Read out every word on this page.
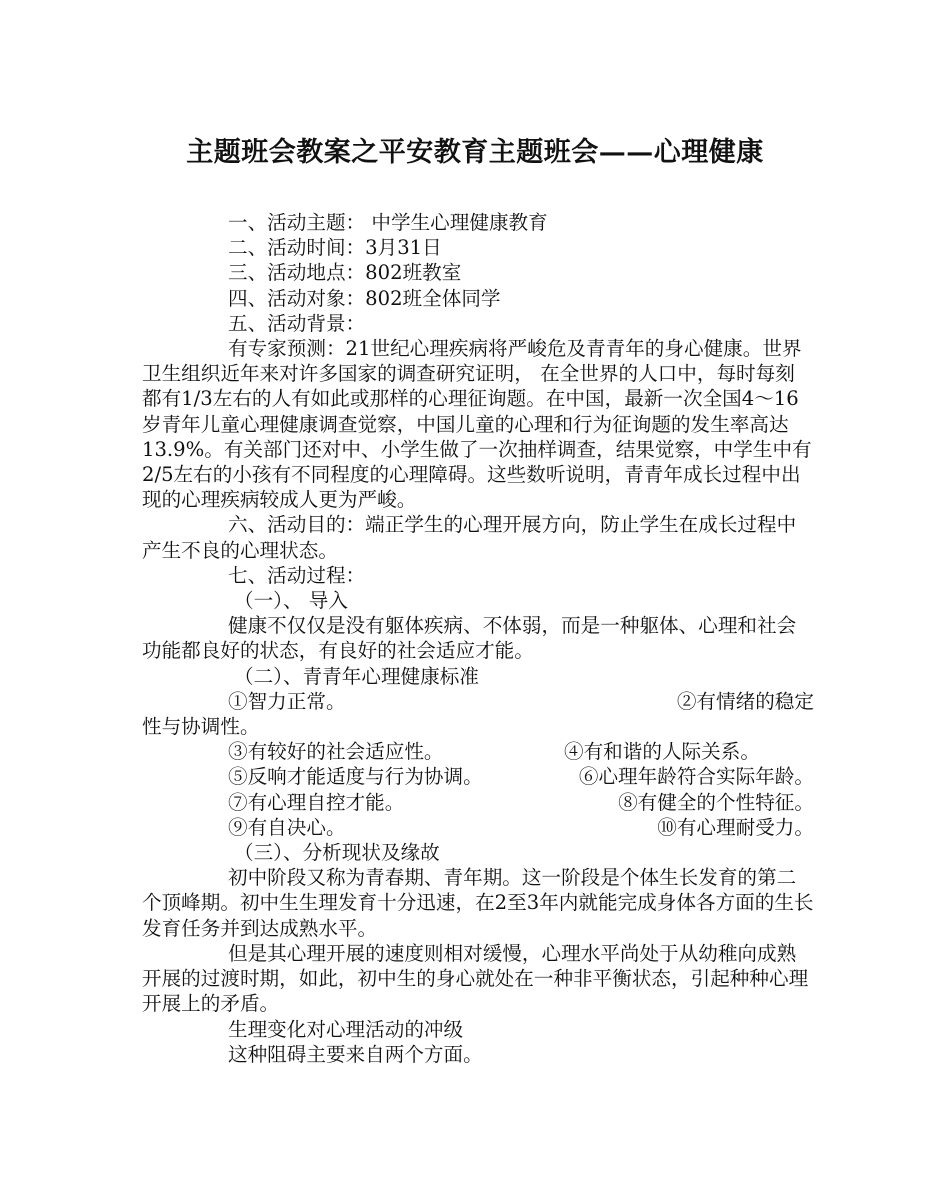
主题班会教案之平安教育主题班会——心理健康

一、活动主题： 中学生心理健康教育

二、活动时间：3月31日

三、活动地点：802班教室

四、活动对象：802班全体同学

五、活动背景：

有专家预测：21世纪心理疾病将严峻危及青青年的身心健康。世界卫生组织近年来对许多国家的调查研究证明， 在全世界的人口中，每时每刻都有1/3左右的人有如此或那样的心理征询题。在中国，最新一次全国4～16岁青年儿童心理健康调查觉察，中国儿童的心理和行为征询题的发生率高达13.9%。有关部门还对中、小学生做了一次抽样调查，结果觉察，中学生中有2/5左右的小孩有不同程度的心理障碍。这些数听说明，青青年成长过程中出现的心理疾病较成人更为严峻。

六、活动目的：端正学生的心理开展方向，防止学生在成长过程中产生不良的心理状态。

七、活动过程：

（一）、 导入

健康不仅仅是没有躯体疾病、不体弱，而是一种躯体、心理和社会功能都良好的状态，有良好的社会适应才能。

（二）、青青年心理健康标准

①智力正常。	②有情绪的稳定

性与协调性。

③有较好的社会适应性。	④有和谐的人际关系。
⑤反响才能适度与行为协调。	⑥心理年龄符合实际年龄。
⑦有心理自控才能。	⑧有健全的个性特征。
⑨有自决心。	⑩有心理耐受力。

（三）、分析现状及缘故

初中阶段又称为青春期、青年期。这一阶段是个体生长发育的第二个顶峰期。初中生生理发育十分迅速，在2至3年内就能完成身体各方面的生长发育任务并到达成熟水平。

但是其心理开展的速度则相对缓慢，心理水平尚处于从幼稚向成熟开展的过渡时期，如此，初中生的身心就处在一种非平衡状态，引起种种心理开展上的矛盾。

生理变化对心理活动的冲级

这种阻碍主要来自两个方面。
